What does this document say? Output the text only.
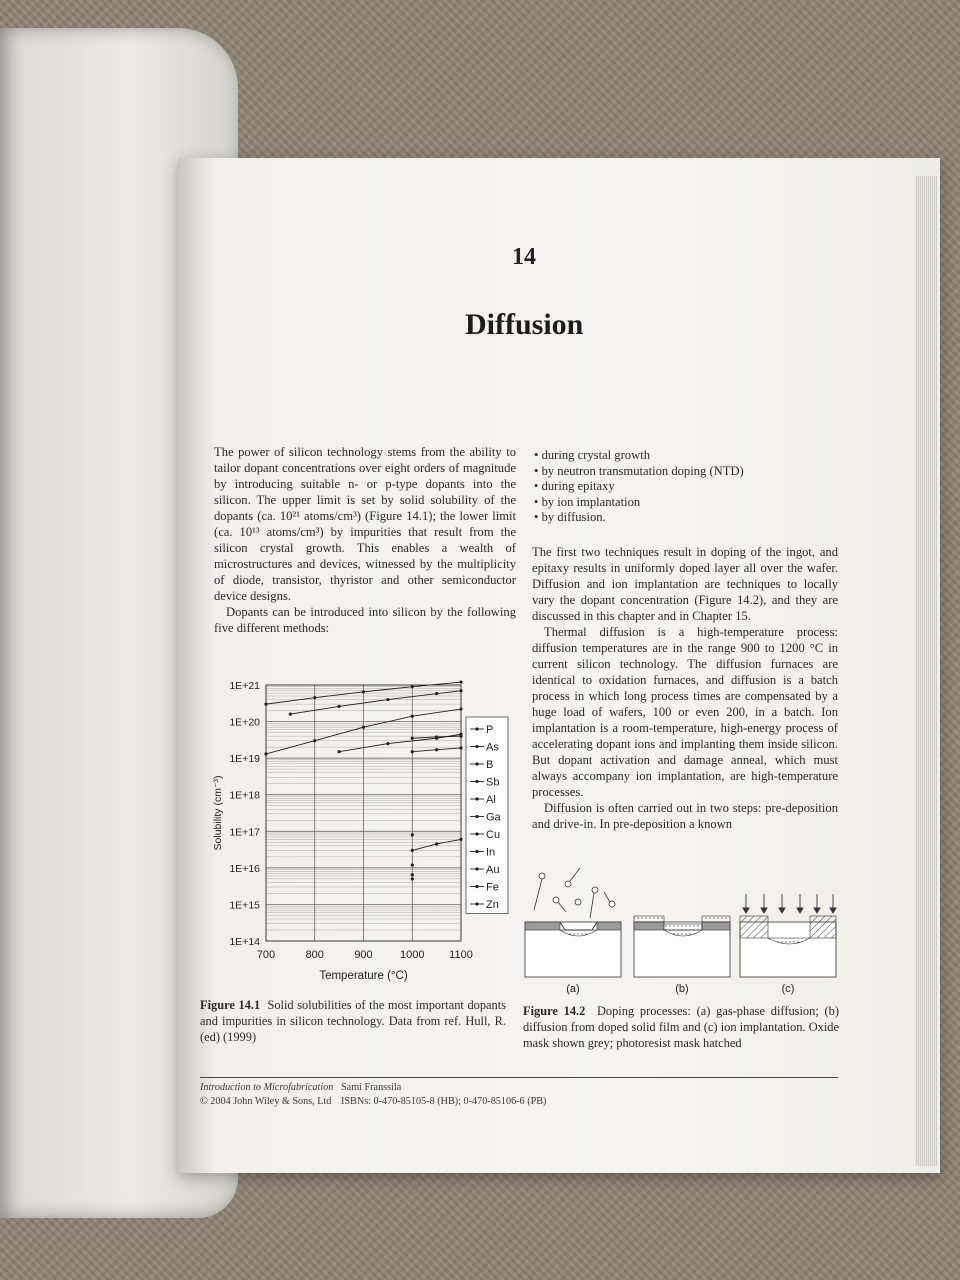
14
Diffusion

The power of silicon technology stems from the ability to tailor dopant concentrations over eight orders of magnitude by introducing suitable n- or p-type dopants into the silicon. The upper limit is set by solid solubility of the dopants (ca. 10²¹ atoms/cm³) (Figure 14.1); the lower limit (ca. 10¹³ atoms/cm³) by impurities that result from the silicon crystal growth. This enables a wealth of microstructures and devices, witnessed by the multiplicity of diode, transistor, thyristor and other semiconductor device designs.

Dopants can be introduced into silicon by the following five different methods:

• during crystal growth
• by neutron transmutation doping (NTD)
• during epitaxy
• by ion implantation
• by diffusion.

The first two techniques result in doping of the ingot, and epitaxy results in uniformly doped layer all over the wafer. Diffusion and ion implantation are techniques to locally vary the dopant concentration (Figure 14.2), and they are discussed in this chapter and in Chapter 15.

Thermal diffusion is a high-temperature process: diffusion temperatures are in the range 900 to 1200 °C in current silicon technology. The diffusion furnaces are identical to oxidation furnaces, and diffusion is a batch process in which long process times are compensated by a huge load of wafers, 100 or even 200, in a batch. Ion implantation is a room-temperature, high-energy process of accelerating dopant ions and implanting them inside silicon. But dopant activation and damage anneal, which must always accompany ion implantation, are high-temperature processes.

Diffusion is often carried out in two steps: pre-deposition and drive-in. In pre-deposition a known

1E+14
1E+15
1E+16
1E+17
1E+18
1E+19
1E+20
1E+21
700	800	900 1000 1100
Temperature (°C)
Solubility (cm⁻³)
P
As
B
Sb
Al
Ga
Cu
In
Au
Fe
Zn
Figure 14.1 Solid solubilities of the most important dopants and impurities in silicon technology. Data from ref. Hull, R. (ed) (1999)
(a)	(b)	(c)
Figure 14.2 Doping processes: (a) gas-phase diffusion; (b) diffusion from doped solid film and (c) ion implantation. Oxide mask shown grey; photoresist mask hatched
Introduction to Microfabrication Sami Franssila
© 2004 John Wiley & Sons, Ltd ISBNs: 0-470-85105-8 (HB); 0-470-85106-6 (PB)
